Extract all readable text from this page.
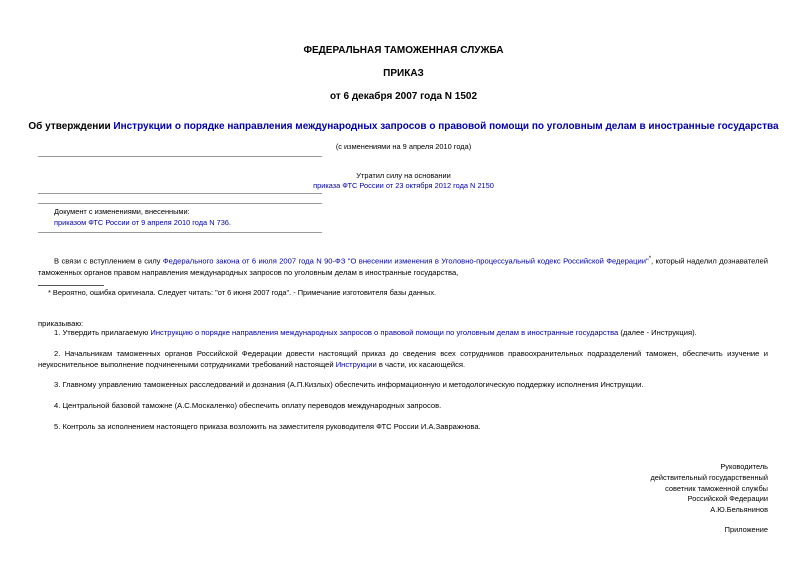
ФЕДЕРАЛЬНАЯ ТАМОЖЕННАЯ СЛУЖБА
ПРИКАЗ
от 6 декабря 2007 года N 1502
Об утверждении Инструкции о порядке направления международных запросов о правовой помощи по уголовным делам в иностранные государства
(с изменениями на 9 апреля 2010 года)
Утратил силу на основании
приказа ФТС России от 23 октября 2012 года N 2150
Документ с изменениями, внесенными:
приказом ФТС России от 9 апреля 2010 года N 736.
В связи с вступлением в силу Федерального закона от 6 июля 2007 года N 90-ФЗ "О внесении изменения в Уголовно-процессуальный кодекс Российской Федерации"*, который наделил дознавателей таможенных органов правом направления международных запросов по уголовным делам в иностранные государства,
* Вероятно, ошибка оригинала. Следует читать: "от 6 июня 2007 года". - Примечание изготовителя базы данных.
приказываю:
1. Утвердить прилагаемую Инструкцию о порядке направления международных запросов о правовой помощи по уголовным делам в иностранные государства (далее - Инструкция).
2. Начальникам таможенных органов Российской Федерации довести настоящий приказ до сведения всех сотрудников правоохранительных подразделений таможен, обеспечить изучение и неукоснительное выполнение подчиненными сотрудниками требований настоящей Инструкции в части, их касающейся.
3. Главному управлению таможенных расследований и дознания (А.П.Кизлых) обеспечить информационную и методологическую поддержку исполнения Инструкции.
4. Центральной базовой таможне (А.С.Москаленко) обеспечить оплату переводов международных запросов.
5. Контроль за исполнением настоящего приказа возложить на заместителя руководителя ФТС России И.А.Завражнова.
Руководитель
действительный государственный
советник таможенной службы
Российской Федерации
А.Ю.Бельянинов
Приложение
